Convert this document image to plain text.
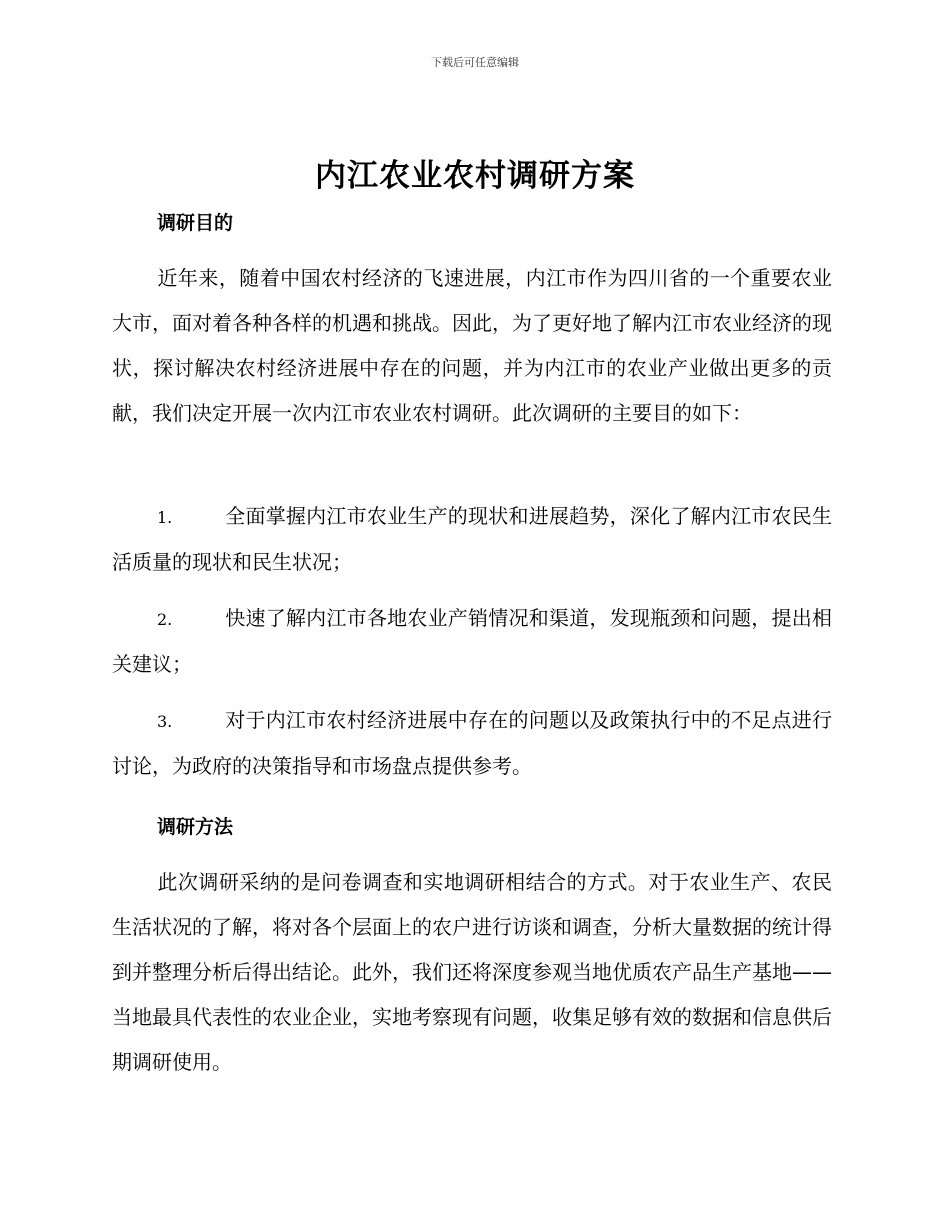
下载后可任意编辑
内江农业农村调研方案
调研目的
近年来，随着中国农村经济的飞速进展，内江市作为四川省的一个重要农业大市，面对着各种各样的机遇和挑战。因此，为了更好地了解内江市农业经济的现状，探讨解决农村经济进展中存在的问题，并为内江市的农业产业做出更多的贡献，我们决定开展一次内江市农业农村调研。此次调研的主要目的如下：
1.	全面掌握内江市农业生产的现状和进展趋势，深化了解内江市农民生活质量的现状和民生状况；
2.	快速了解内江市各地农业产销情况和渠道，发现瓶颈和问题，提出相关建议；
3.	对于内江市农村经济进展中存在的问题以及政策执行中的不足点进行讨论，为政府的决策指导和市场盘点提供参考。
调研方法
此次调研采纳的是问卷调查和实地调研相结合的方式。对于农业生产、农民生活状况的了解，将对各个层面上的农户进行访谈和调查，分析大量数据的统计得到并整理分析后得出结论。此外，我们还将深度参观当地优质农产品生产基地——当地最具代表性的农业企业，实地考察现有问题，收集足够有效的数据和信息供后期调研使用。
